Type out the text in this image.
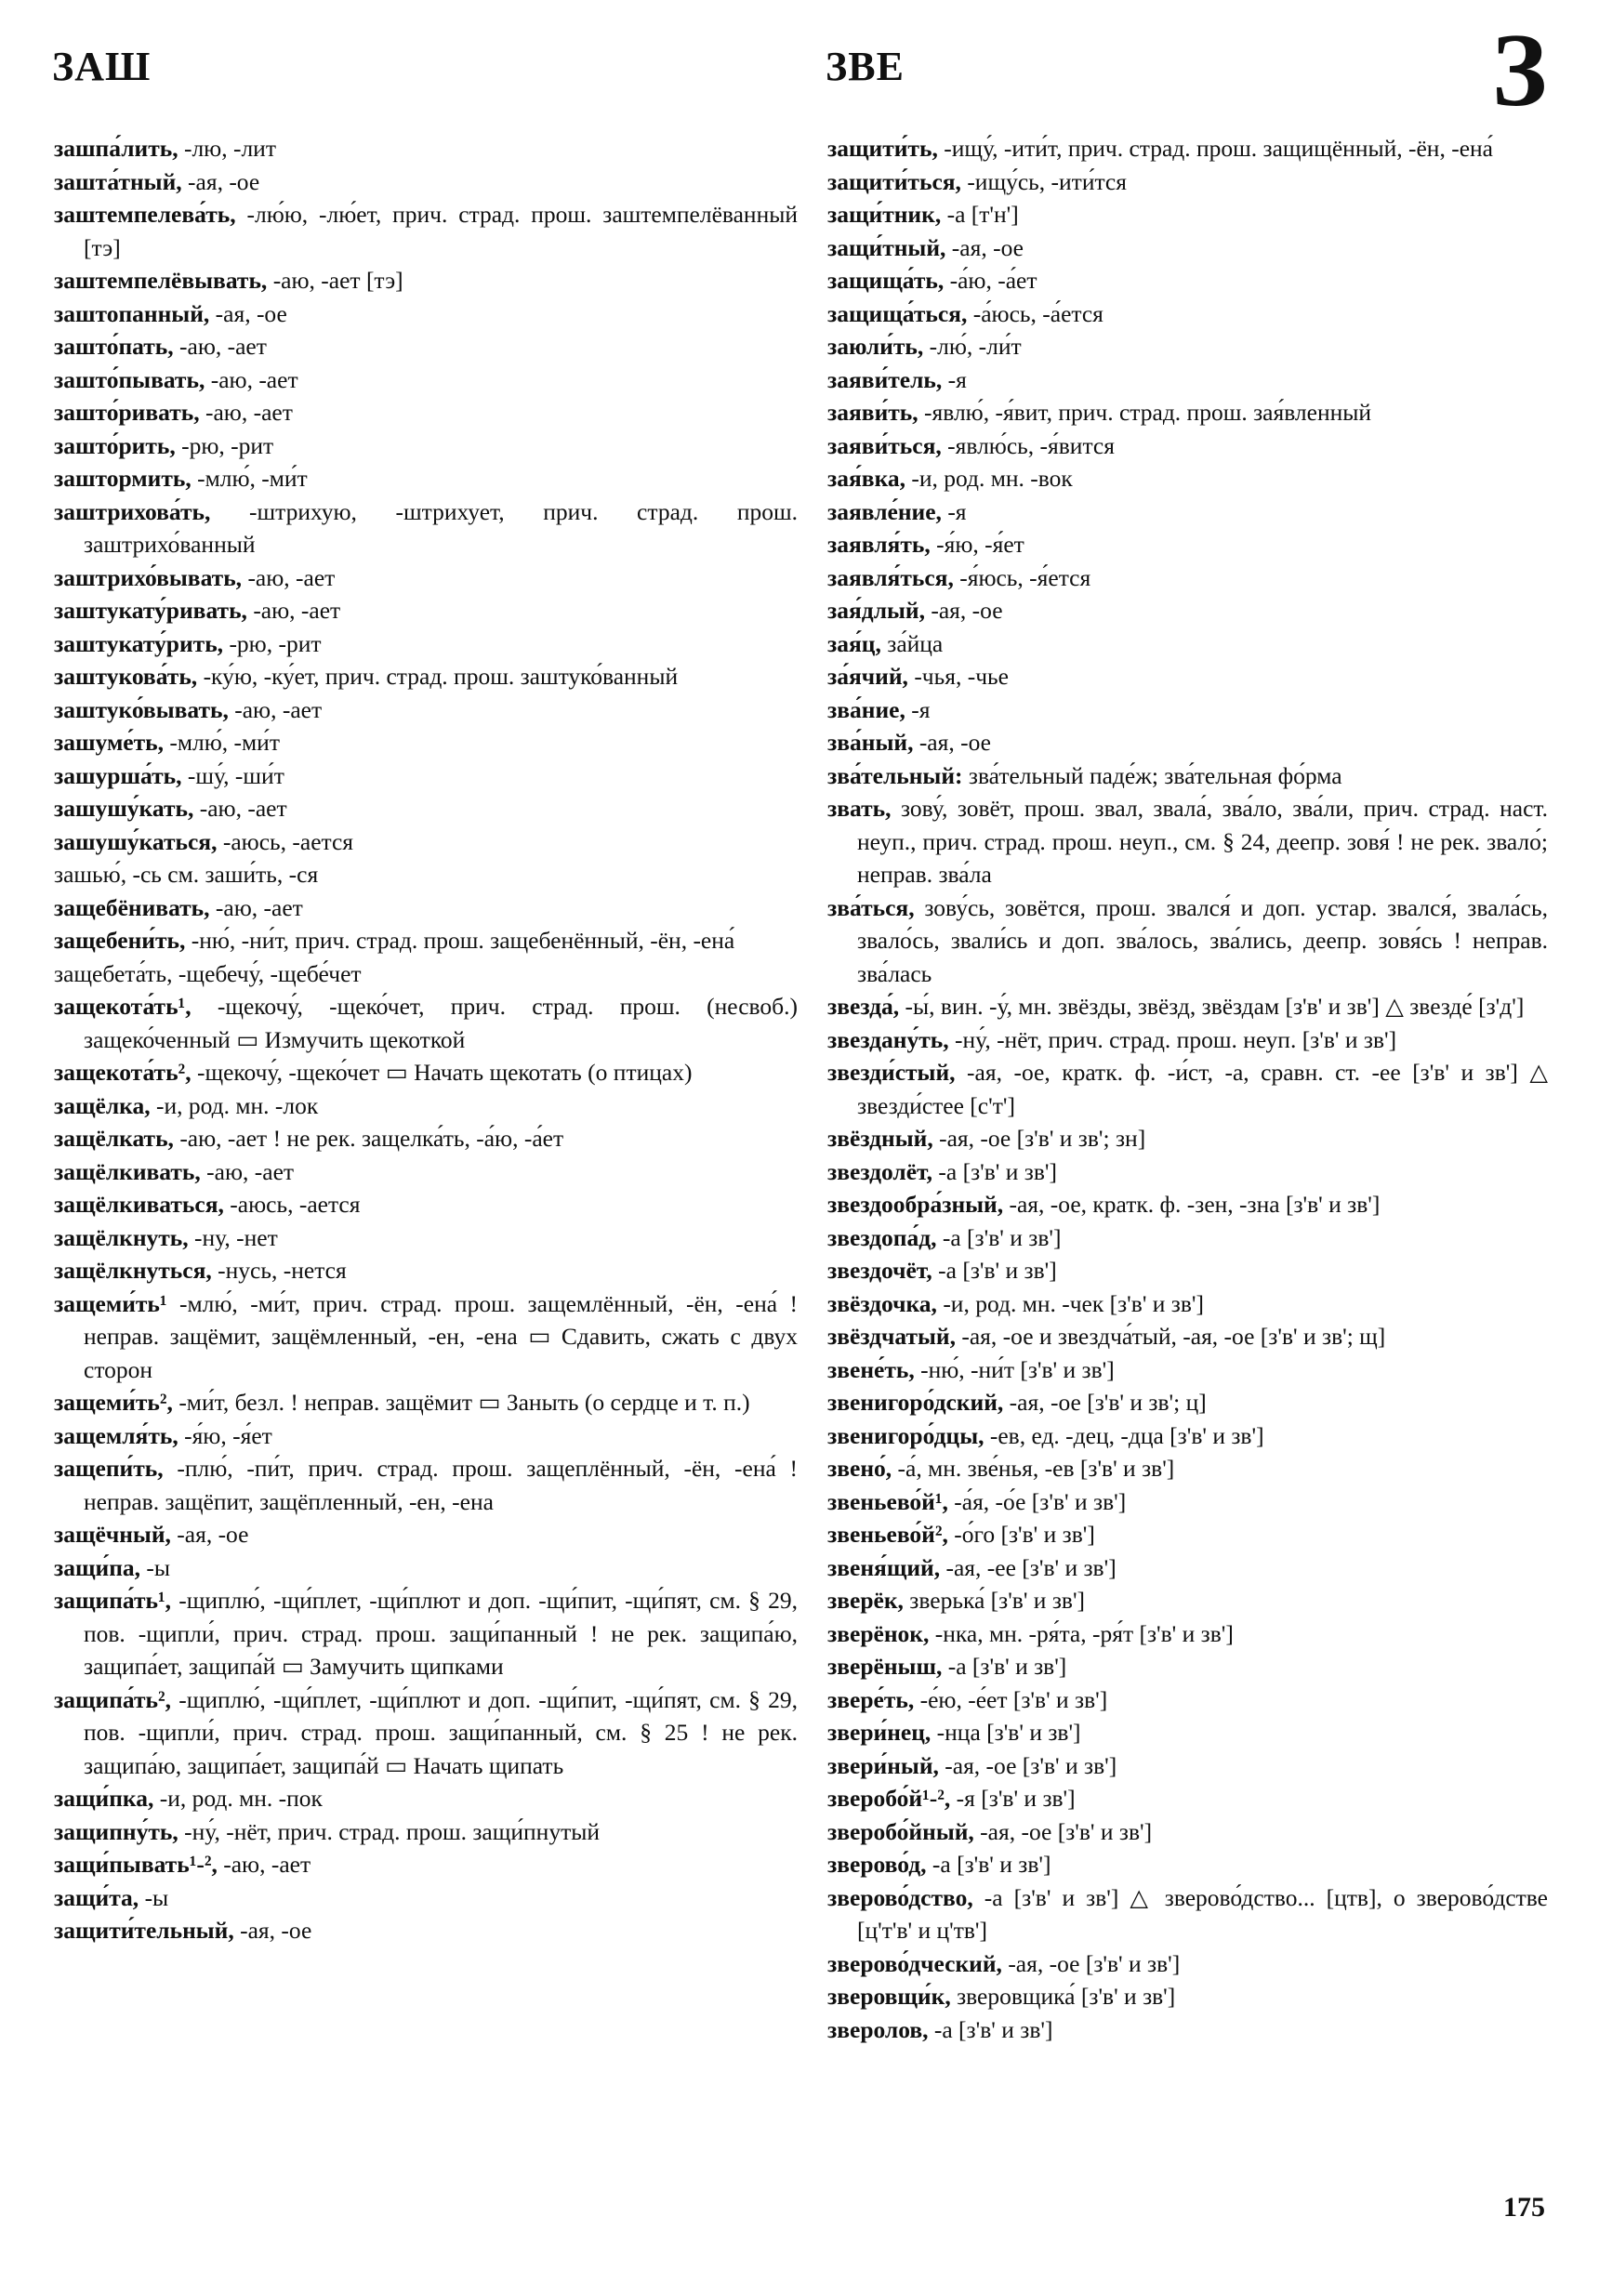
ЗАШ	ЗВЕ	З
зашпа́лить, -лю, -лит
зашта́тный, -ая, -ое
заштемпелева́ть, -лю́ю, -лю́ет, прич. страд. прош. заштемпелёванный [тэ]
заштемпелёвывать, -аю, -ает [тэ]
заштопанный, -ая, -ое
зашто́пать, -аю, -ает
зашто́пывать, -аю, -ает
зашто́ривать, -аю, -ает
зашто́рить, -рю, -рит
заштормить, -млю́, -ми́т
заштрихова́ть, -штрихую, -штрихует, прич. страд. прош. заштрихо́ванный
заштрихо́вывать, -аю, -ает
заштукату́ривать, -аю, -ает
заштукату́рить, -рю, -рит
заштукова́ть, -ку́ю, -ку́ет, прич. страд. прош. заштуко́ванный
заштуко́вывать, -аю, -ает
зашуме́ть, -млю́, -ми́т
зашурша́ть, -шу́, -ши́т
зашушу́кать, -аю, -ает
зашушу́каться, -аюсь, -ается
зашью́, -сь см. заши́ть, -ся
защебёнивать, -аю, -ает
защебени́ть, -ню́, -ни́т, прич. страд. прош. защебенённый, -ён, -ена́
защебета́ть, -щебечу́, -щебе́чет
защекота́ть¹, -щекочу́, -щеко́чет, прич. страд. прош. (несвоб.) защеко́ченный ▭ Измучить щекоткой
защекота́ть², -щекочу́, -щеко́чет ▭ Начать щекотать (о птицах)
защёлка, -и, род. мн. -лок
защёлкать, -аю, -ает ! не рек. защелка́ть, -а́ю, -а́ет
защёлкивать, -аю, -ает
защёлкиваться, -аюсь, -ается
защёлкнуть, -ну, -нет
защёлкнуться, -нусь, -нется
защеми́ть¹ -млю́, -ми́т, прич. страд. прош. защемлённый, -ён, -ена́ ! неправ. защёмит, защёмленный, -ен, -ена ▭ Сдавить, сжать с двух сторон
защеми́ть², -ми́т, безл. ! неправ. защёмит ▭ Заныть (о сердце и т. п.)
защемля́ть, -я́ю, -я́ет
защепи́ть, -плю́, -пи́т, прич. страд. прош. защеплённый, -ён, -ена́ ! неправ. защёпит, защёпленный, -ен, -ена
защёчный, -ая, -ое
защи́па, -ы
защипа́ть¹, -щиплю́, -щи́плет, -щи́плют и доп. -щи́пит, -щи́пят, см. § 29, пов. -щипли́, прич. страд. прош. защи́панный ! не рек. защипа́ю, защипа́ет, защипа́й ▭ Замучить щипками
защипа́ть², -щиплю́, -щи́плет, -щи́плют и доп. -щи́пит, -щи́пят, см. § 29, пов. -щипли́, прич. страд. прош. защи́панный, см. § 25 ! не рек. защипа́ю, защипа́ет, защипа́й ▭ Начать щипать
защи́пка, -и, род. мн. -пок
защипну́ть, -ну́, -нёт, прич. страд. прош. защи́пнутый
защи́пывать¹‑², -аю, -ает
защи́та, -ы
защити́тельный, -ая, -ое
защити́ть, -ищу́, -ити́т, прич. страд. прош. защищённый, -ён, -ена́
защити́ться, -ищу́сь, -ити́тся
защи́тник, -а [т'н']
защи́тный, -ая, -ое
защища́ть, -а́ю, -а́ет
защища́ться, -а́юсь, -а́ется
заюли́ть, -лю́, -ли́т
заяви́тель, -я
заяви́ть, -явлю́, -я́вит, прич. страд. прош. зая́вленный
заяви́ться, -явлю́сь, -я́вится
зая́вка, -и, род. мн. -вок
заявле́ние, -я
заявля́ть, -я́ю, -я́ет
заявля́ться, -я́юсь, -я́ется
зая́длый, -ая, -ое
зая́ц, за́йца
за́ячий, -чья, -чье
зва́ние, -я
зва́ный, -ая, -ое
зва́тельный: зва́тельный паде́ж; зва́тельная фо́рма
звать, зову́, зовёт, прош. звал, звала́, зва́ло, зва́ли, прич. страд. наст. неуп., прич. страд. прош. неуп., см. § 24, деепр. зовя́ ! не рек. звало́; неправ. зва́ла
зва́ться, зову́сь, зовётся, прош. звался́ и доп. устар. звался́, звала́сь, звало́сь, звали́сь и доп. зва́лось, зва́лись, деепр. зовя́сь ! неправ. зва́лась
звезда́, -ы́, вин. -у́, мн. звёзды, звёзд, звёздам [з'в' и зв'] △ звезде́ [з'д']
звездану́ть, -ну́, -нёт, прич. страд. прош. неуп. [з'в' и зв']
звезди́стый, -ая, -ое, кратк. ф. -и́ст, -а, сравн. ст. -ее [з'в' и зв'] △ звезди́стее [с'т']
звёздный, -ая, -ое [з'в' и зв'; зн]
звездолёт, -а [з'в' и зв']
звездообра́зный, -ая, -ое, кратк. ф. -зен, -зна [з'в' и зв']
звездопа́д, -а [з'в' и зв']
звездочёт, -а [з'в' и зв']
звёздочка, -и, род. мн. -чек [з'в' и зв']
звёздчатый, -ая, -ое и звездча́тый, -ая, -ое [з'в' и зв'; щ]
звене́ть, -ню́, -ни́т [з'в' и зв']
звенигоро́дский, -ая, -ое [з'в' и зв'; ц]
звенигоро́дцы, -ев, ед. -дец, -дца [з'в' и зв']
звено́, -а́, мн. зве́нья, -ев [з'в' и зв']
звеньево́й¹, -а́я, -о́е [з'в' и зв']
звеньево́й², -о́го [з'в' и зв']
звеня́щий, -ая, -ее [з'в' и зв']
зверёк, зверька́ [з'в' и зв']
зверёнок, -нка, мн. -ря́та, -ря́т [з'в' и зв']
зверёныш, -а [з'в' и зв']
звере́ть, -е́ю, -е́ет [з'в' и зв']
звери́нец, -нца [з'в' и зв']
звери́ный, -ая, -ое [з'в' и зв']
зверобо́й¹‑², -я [з'в' и зв']
зверобо́йный, -ая, -ое [з'в' и зв']
зверово́д, -а [з'в' и зв']
зверово́дство, -а [з'в' и зв'] △ зверово́дство... [цтв], о зверово́дстве [ц'т'в' и ц'тв']
зверово́дческий, -ая, -ое [з'в' и зв']
зверовщи́к, зверовщика́ [з'в' и зв']
зверолов, -а [з'в' и зв']
175
